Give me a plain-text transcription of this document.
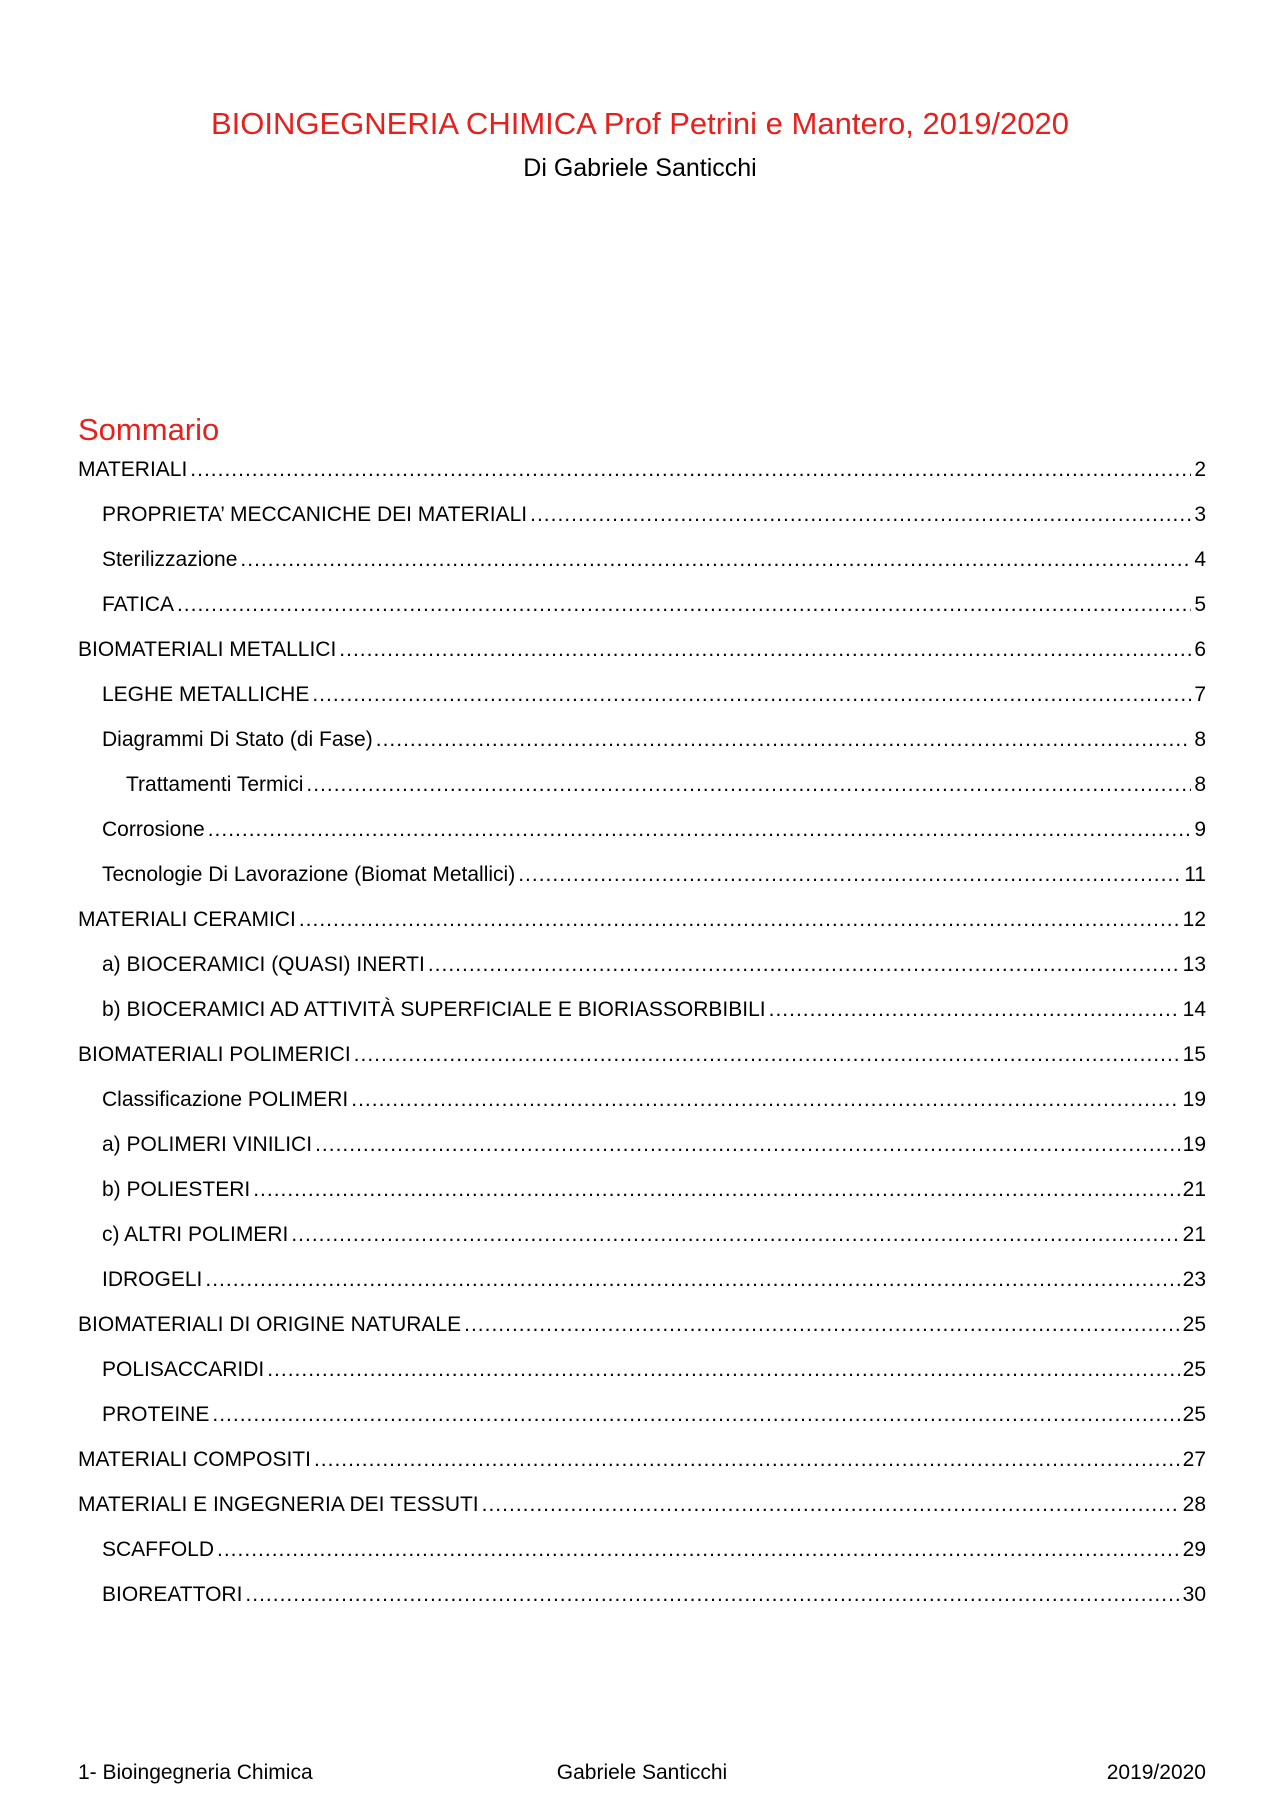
BIOINGEGNERIA CHIMICA Prof Petrini e Mantero, 2019/2020
Di Gabriele Santicchi
Sommario
MATERIALI .....	2
PROPRIETA’ MECCANICHE DEI MATERIALI .....	3
Sterilizzazione .....	4
FATICA .....	5
BIOMATERIALI METALLICI .....	6
LEGHE METALLICHE .....	7
Diagrammi Di Stato (di Fase) .....	8
Trattamenti Termici .....	8
Corrosione .....	9
Tecnologie Di Lavorazione (Biomat Metallici) .....	11
MATERIALI CERAMICI .....	12
a) BIOCERAMICI (QUASI) INERTI .....	13
b) BIOCERAMICI AD ATTIVITÀ SUPERFICIALE E BIORIASSORBIBILI .....	14
BIOMATERIALI POLIMERICI .....	15
Classificazione POLIMERI .....	19
a) POLIMERI VINILICI .....	19
b) POLIESTERI .....	21
c) ALTRI POLIMERI .....	21
IDROGELI .....	23
BIOMATERIALI DI ORIGINE NATURALE .....	25
POLISACCARIDI .....	25
PROTEINE .....	25
MATERIALI COMPOSITI .....	27
MATERIALI E INGEGNERIA DEI TESSUTI .....	28
SCAFFOLD .....	29
BIOREATTORI .....	30
1- Bioingegneria Chimica	Gabriele Santicchi	2019/2020
